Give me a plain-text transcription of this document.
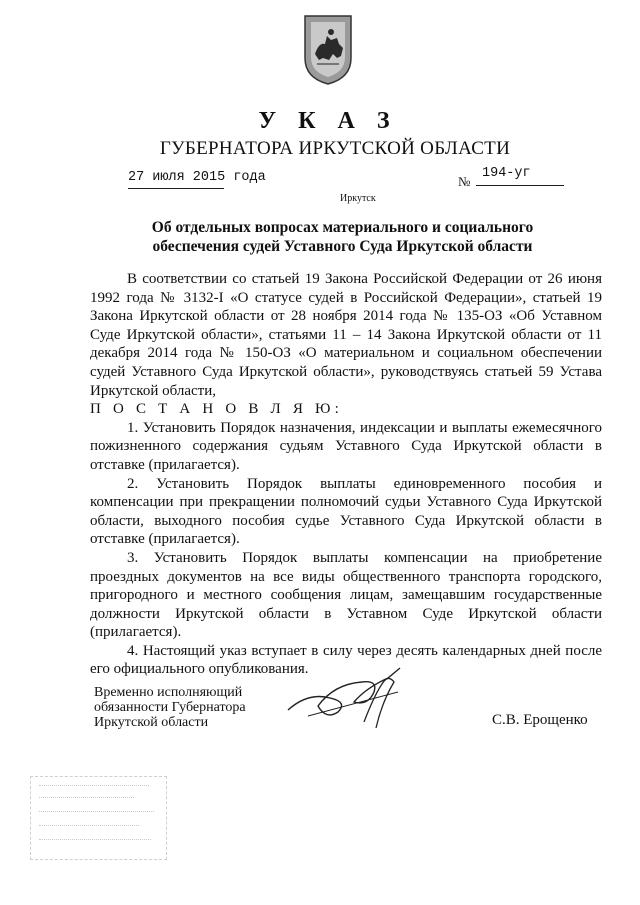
У К А З
ГУБЕРНАТОРА ИРКУТСКОЙ ОБЛАСТИ
27 июля 2015 года	№
194-уг
Иркутск
Об отдельных вопросах материального и социального
обеспечения судей Уставного Суда Иркутской области

В соответствии со статьей 19 Закона Российской Федерации от 26 июня 1992 года № 3132-I «О статусе судей в Российской Федерации», статьей 19 Закона Иркутской области от 28 ноября 2014 года № 135-ОЗ «Об Уставном Суде Иркутской области», статьями 11 – 14 Закона Иркутской области от 11 декабря 2014 года № 150-ОЗ «О материальном и социальном обеспечении судей Уставного Суда Иркутской области», руководствуясь статьей 59 Устава Иркутской области,

П О С Т А Н О В Л Я Ю:

1. Установить Порядок назначения, индексации и выплаты ежемесячного пожизненного содержания судьям Уставного Суда Иркутской области в отставке (прилагается).

2. Установить Порядок выплаты единовременного пособия и компенсации при прекращении полномочий судьи Уставного Суда Иркутской области, выходного пособия судье Уставного Суда Иркутской области в отставке (прилагается).

3. Установить Порядок выплаты компенсации на приобретение проездных документов на все виды общественного транспорта городского, пригородного и местного сообщения лицам, замещавшим государственные должности Иркутской области в Уставном Суде Иркутской области (прилагается).

4. Настоящий указ вступает в силу через десять календарных дней после его официального опубликования.

Временно исполняющий
обязанности Губернатора
Иркутской области	С.В. Ерощенко
